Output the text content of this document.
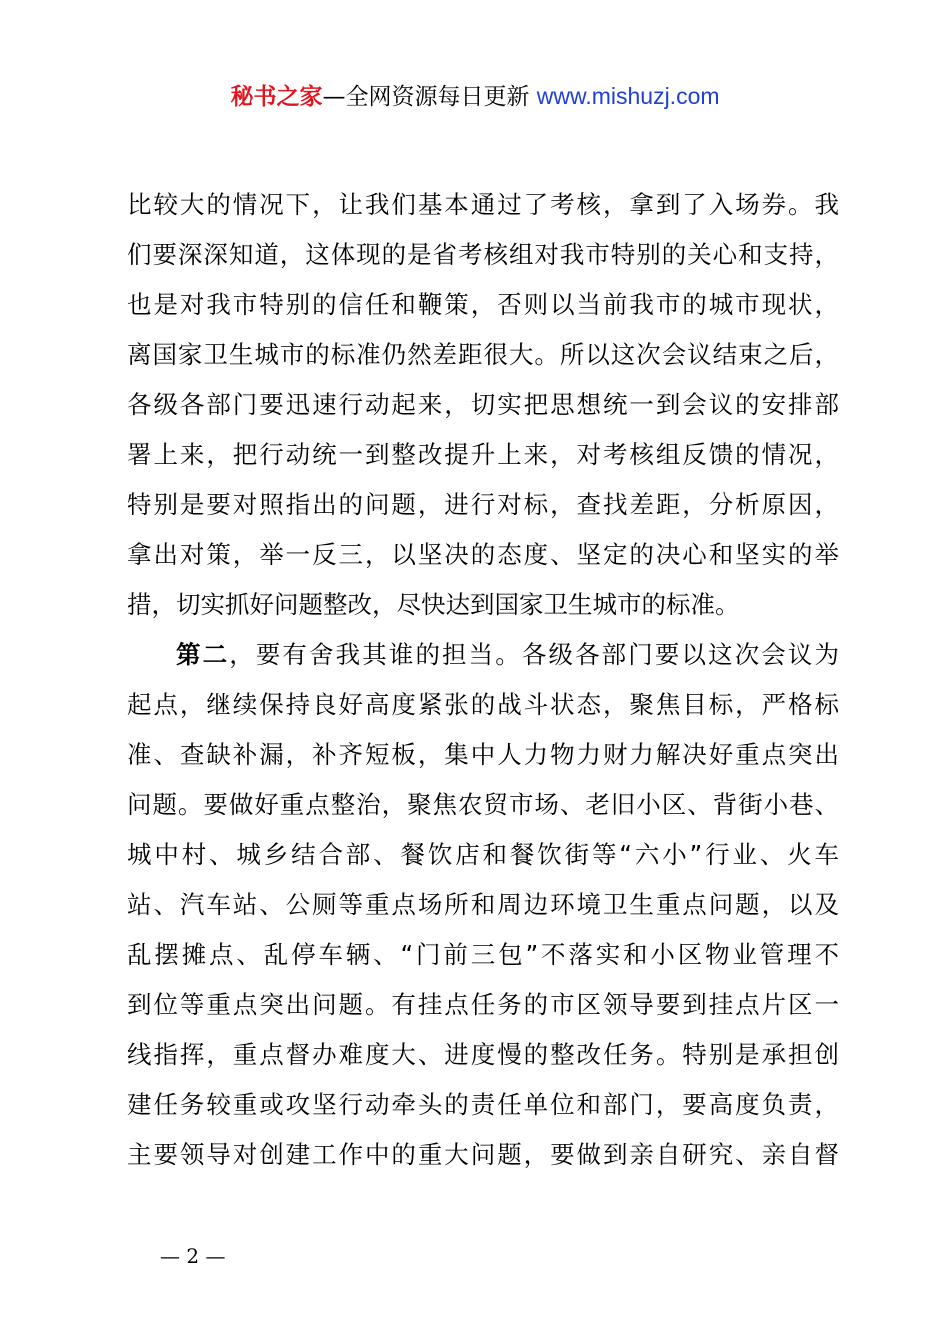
秘书之家—全网资源每日更新 www.mishuzj.com
比较大的情况下，让我们基本通过了考核，拿到了入场券。我
们要深深知道，这体现的是省考核组对我市特别的关心和支持，
也是对我市特别的信任和鞭策，否则以当前我市的城市现状，
离国家卫生城市的标准仍然差距很大。所以这次会议结束之后，
各级各部门要迅速行动起来，切实把思想统一到会议的安排部
署上来，把行动统一到整改提升上来，对考核组反馈的情况，
特别是要对照指出的问题，进行对标，查找差距，分析原因，
拿出对策，举一反三，以坚决的态度、坚定的决心和坚实的举
措，切实抓好问题整改，尽快达到国家卫生城市的标准。
第二，要有舍我其谁的担当。各级各部门要以这次会议为
起点，继续保持良好高度紧张的战斗状态，聚焦目标，严格标
准、查缺补漏，补齐短板，集中人力物力财力解决好重点突出
问题。要做好重点整治，聚焦农贸市场、老旧小区、背街小巷、
城中村、城乡结合部、餐饮店和餐饮街等“六小”行业、火车
站、汽车站、公厕等重点场所和周边环境卫生重点问题，以及
乱摆摊点、乱停车辆、“门前三包”不落实和小区物业管理不
到位等重点突出问题。有挂点任务的市区领导要到挂点片区一
线指挥，重点督办难度大、进度慢的整改任务。特别是承担创
建任务较重或攻坚行动牵头的责任单位和部门，要高度负责，
主要领导对创建工作中的重大问题，要做到亲自研究、亲自督
— 2 —
